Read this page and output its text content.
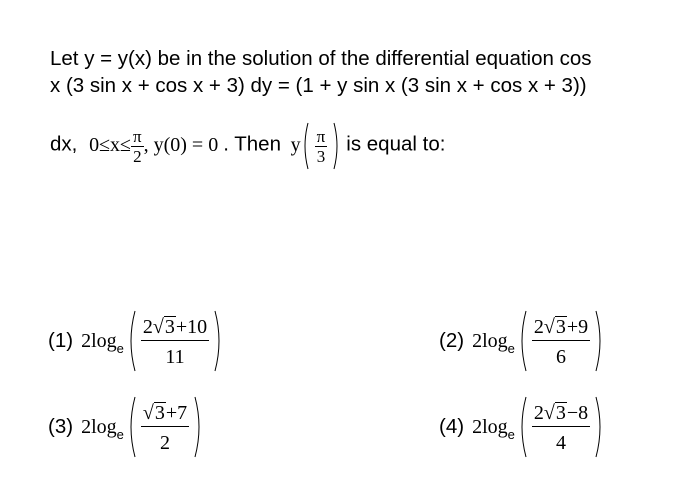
Let y = y(x) be in the solution of the differential equation cos
x (3 sin x + cos x + 3) dy = (1 + y sin x (3 sin x + cos x + 3))
dx, $0\le x\le \frac{\pi}{2}$ , y(0) = 0 . Then y $\frac{\pi}{3}$ is equal to:
(1) 2log e $\frac{2√3+10}{11}$	(2) 2log e $\frac{2√3+9}{6}$
(3) 2log e $\frac{√3+7}{2}$	(4) 2log e $\frac{2√3-8}{4}$
